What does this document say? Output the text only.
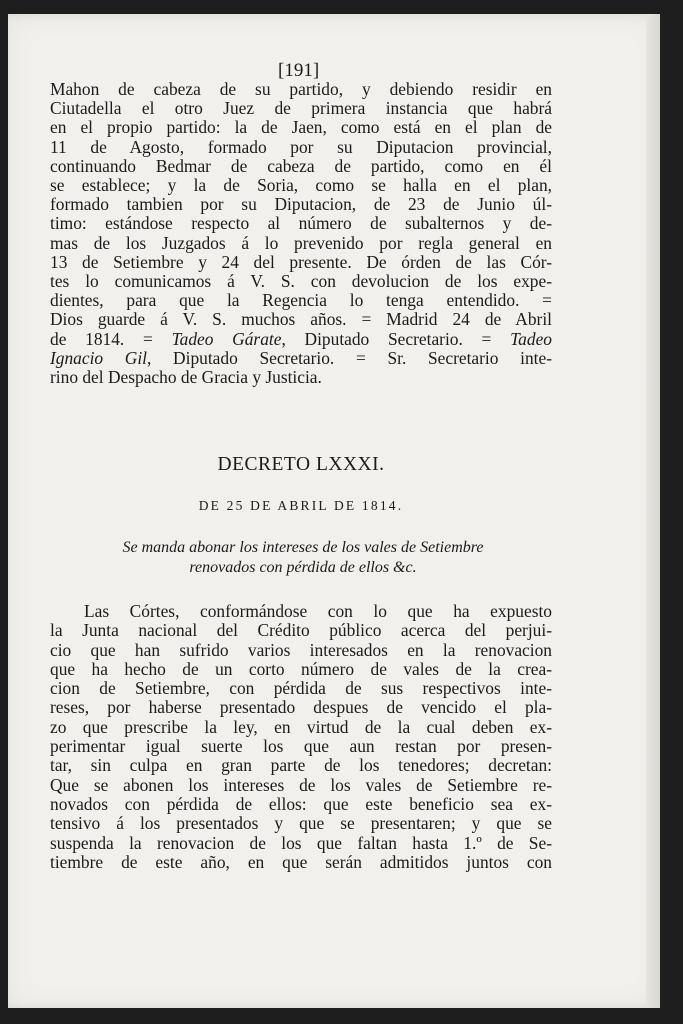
[191]
Mahon de cabeza de su partido, y debiendo residir en
Ciutadella el otro Juez de primera instancia que habrá
en el propio partido: la de Jaen, como está en el plan de
11 de Agosto, formado por su Diputacion provincial,
continuando Bedmar de cabeza de partido, como en él
se establece; y la de Soria, como se halla en el plan,
formado tambien por su Diputacion, de 23 de Junio úl-
timo: estándose respecto al número de subalternos y de-
mas de los Juzgados á lo prevenido por regla general en
13 de Setiembre y 24 del presente. De órden de las Cór-
tes lo comunicamos á V. S. con devolucion de los expe-
dientes, para que la Regencia lo tenga entendido. =
Dios guarde á V. S. muchos años. = Madrid 24 de Abril
de 1814. = Tadeo Gárate, Diputado Secretario. = Tadeo
Ignacio Gil, Diputado Secretario. = Sr. Secretario inte-
rino del Despacho de Gracia y Justicia.
DECRETO LXXXI.
DE 25 DE ABRIL DE 1814.
Se manda abonar los intereses de los vales de Setiembre
renovados con pérdida de ellos &c.
Las Córtes, conformándose con lo que ha expuesto
la Junta nacional del Crédito público acerca del perjui-
cio que han sufrido varios interesados en la renovacion
que ha hecho de un corto número de vales de la crea-
cion de Setiembre, con pérdida de sus respectivos inte-
reses, por haberse presentado despues de vencido el pla-
zo que prescribe la ley, en virtud de la cual deben ex-
perimentar igual suerte los que aun restan por presen-
tar, sin culpa en gran parte de los tenedores; decretan:
Que se abonen los intereses de los vales de Setiembre re-
novados con pérdida de ellos: que este beneficio sea ex-
tensivo á los presentados y que se presentaren; y que se
suspenda la renovacion de los que faltan hasta 1.º de Se-
tiembre de este año, en que serán admitidos juntos con
